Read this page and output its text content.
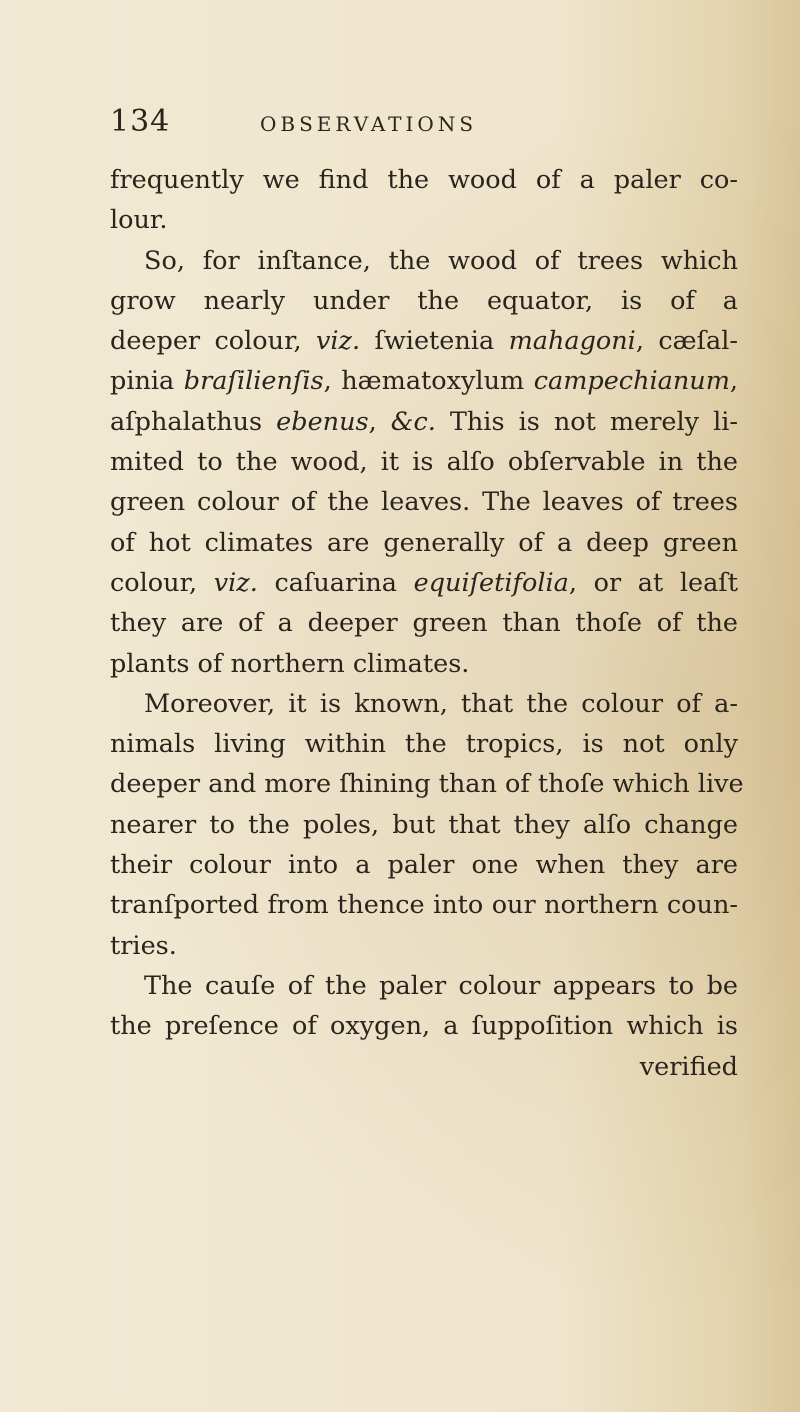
134	OBSERVATIONS
frequently we find the wood of a paler co-
lour.
So, for inſtance, the wood of trees which
grow nearly under the equator, is of a
deeper colour, viz. ſwietenia mahagoni, cæſal-
pinia braſilienſis, hæmatoxylum campechianum,
aſphalathus ebenus, &c. This is not merely li-
mited to the wood, it is alſo obſervable in the
green colour of the leaves. The leaves of trees
of hot climates are generally of a deep green
colour, viz. caſuarina equiſetifolia, or at leaſt
they are of a deeper green than thoſe of the
plants of northern climates.
Moreover, it is known, that the colour of a-
nimals living within the tropics, is not only
deeper and more ſhining than of thoſe which live
nearer to the poles, but that they alſo change
their colour into a paler one when they are
tranſported from thence into our northern coun-
tries.
The cauſe of the paler colour appears to be
the preſence of oxygen, a ſuppoſition which is
verified
